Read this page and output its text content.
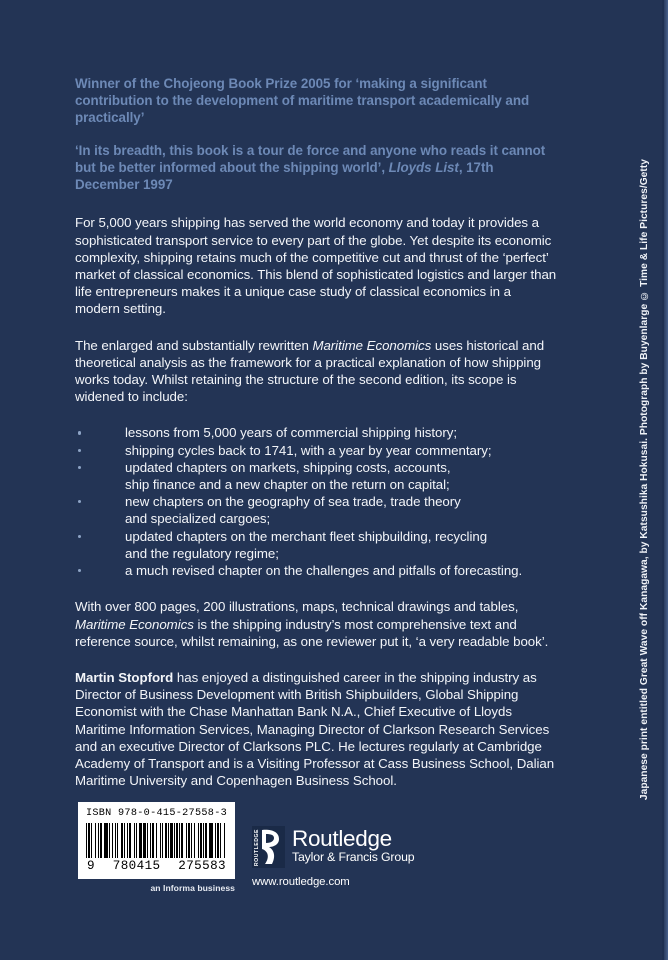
Winner of the Chojeong Book Prize 2005 for ‘making a significant contribution to the development of maritime transport academically and practically’

‘In its breadth, this book is a tour de force and anyone who reads it cannot but be better informed about the shipping world’, Lloyds List, 17th December 1997

For 5,000 years shipping has served the world economy and today it provides a sophisticated transport service to every part of the globe. Yet despite its economic complexity, shipping retains much of the competitive cut and thrust of the ‘perfect’ market of classical economics. This blend of sophisticated logistics and larger than life entrepreneurs makes it a unique case study of classical economics in a modern setting.

The enlarged and substantially rewritten Maritime Economics uses historical and theoretical analysis as the framework for a practical explanation of how shipping works today. Whilst retaining the structure of the second edition, its scope is widened to include:

lessons from 5,000 years of commercial shipping history;
shipping cycles back to 1741, with a year by year commentary;
updated chapters on markets, shipping costs, accounts,
ship finance and a new chapter on the return on capital;
new chapters on the geography of sea trade, trade theory
and specialized cargoes;
updated chapters on the merchant fleet shipbuilding, recycling
and the regulatory regime;
a much revised chapter on the challenges and pitfalls of forecasting.

With over 800 pages, 200 illustrations, maps, technical drawings and tables, Maritime Economics is the shipping industry’s most comprehensive text and reference source, whilst remaining, as one reviewer put it, ‘a very readable book’.

Martin Stopford has enjoyed a distinguished career in the shipping industry as Director of Business Development with British Shipbuilders, Global Shipping Economist with the Chase Manhattan Bank N.A., Chief Executive of Lloyds Maritime Information Services, Managing Director of Clarkson Research Services and an executive Director of Clarksons PLC. He lectures regularly at Cambridge Academy of Transport and is a Visiting Professor at Cass Business School, Dalian Maritime University and Copenhagen Business School.	Japanese print entitled Great Wave off Kanagawa, by Katsushika Hokusai. Photograph by Buyenlarge © Time & Life Pictures/Getty
ISBN 978-0-415-27558-3
9 780415 275583
an Informa business
ROUTLEDGE Routledge
Taylor & Francis Group
www.routledge.com
